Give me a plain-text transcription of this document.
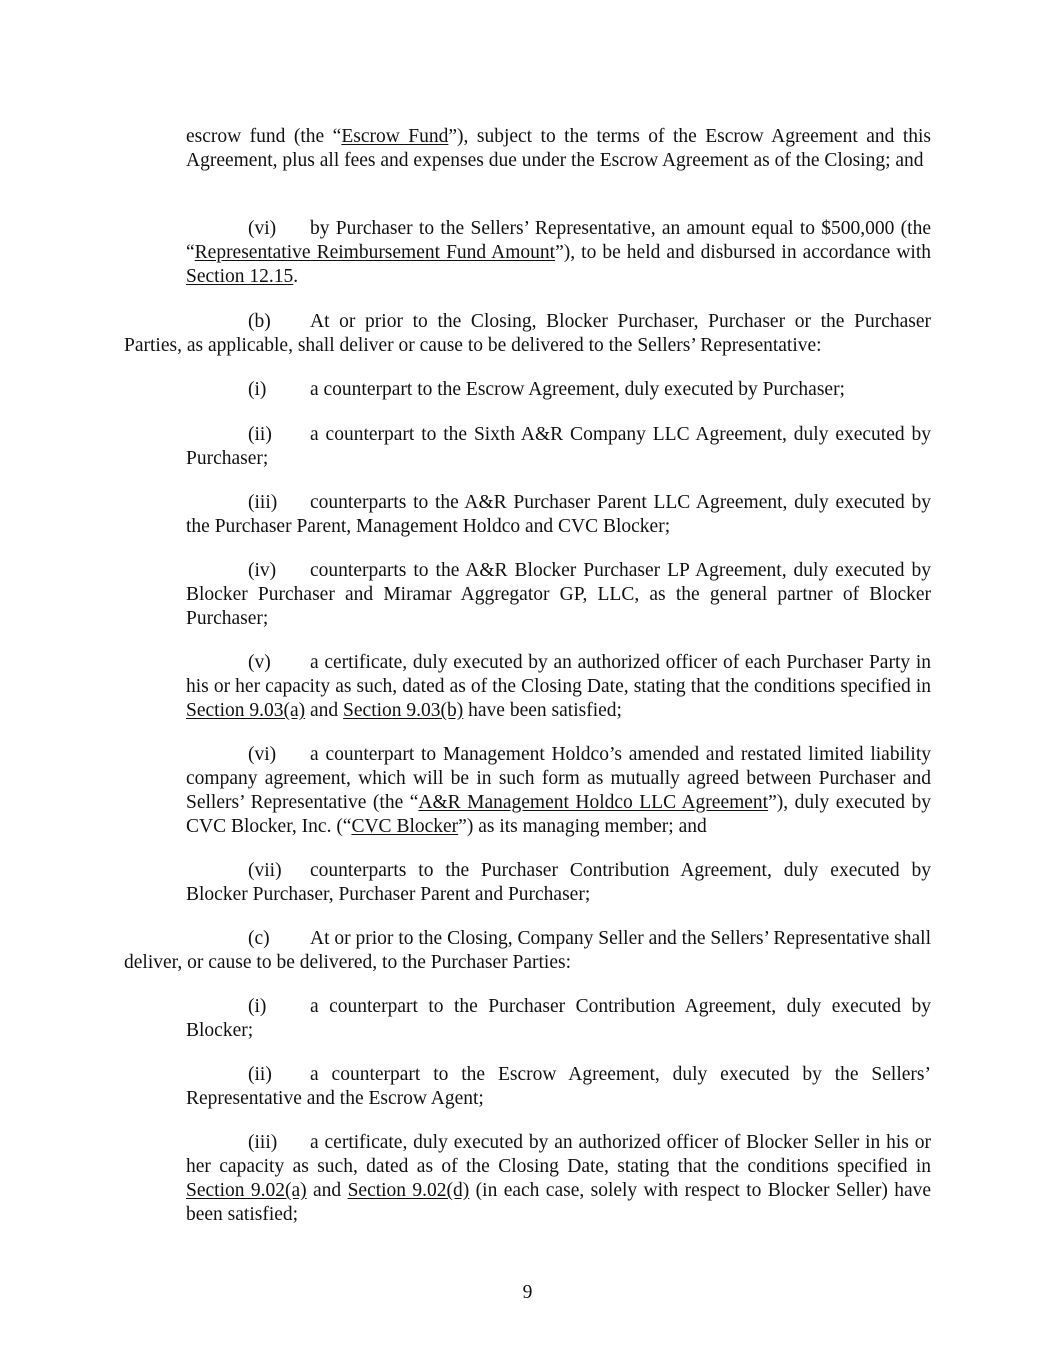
escrow fund (the “Escrow Fund”), subject to the terms of the Escrow Agreement and this Agreement, plus all fees and expenses due under the Escrow Agreement as of the Closing; and

(vi) by Purchaser to the Sellers’ Representative, an amount equal to $500,000 (the “Representative Reimbursement Fund Amount”), to be held and disbursed in accordance with Section 12.15.

(b) At or prior to the Closing, Blocker Purchaser, Purchaser or the Purchaser Parties, as applicable, shall deliver or cause to be delivered to the Sellers’ Representative:

(i) a counterpart to the Escrow Agreement, duly executed by Purchaser;

(ii) a counterpart to the Sixth A&R Company LLC Agreement, duly executed by Purchaser;

(iii) counterparts to the A&R Purchaser Parent LLC Agreement, duly executed by the Purchaser Parent, Management Holdco and CVC Blocker;

(iv) counterparts to the A&R Blocker Purchaser LP Agreement, duly executed by Blocker Purchaser and Miramar Aggregator GP, LLC, as the general partner of Blocker Purchaser;

(v) a certificate, duly executed by an authorized officer of each Purchaser Party in his or her capacity as such, dated as of the Closing Date, stating that the conditions specified in Section 9.03(a) and Section 9.03(b) have been satisfied;

(vi) a counterpart to Management Holdco’s amended and restated limited liability company agreement, which will be in such form as mutually agreed between Purchaser and Sellers’ Representative (the “A&R Management Holdco LLC Agreement”), duly executed by CVC Blocker, Inc. (“CVC Blocker”) as its managing member; and

(vii) counterparts to the Purchaser Contribution Agreement, duly executed by Blocker Purchaser, Purchaser Parent and Purchaser;

(c) At or prior to the Closing, Company Seller and the Sellers’ Representative shall deliver, or cause to be delivered, to the Purchaser Parties:

(i) a counterpart to the Purchaser Contribution Agreement, duly executed by Blocker;

(ii) a counterpart to the Escrow Agreement, duly executed by the Sellers’ Representative and the Escrow Agent;

(iii) a certificate, duly executed by an authorized officer of Blocker Seller in his or her capacity as such, dated as of the Closing Date, stating that the conditions specified in Section 9.02(a) and Section 9.02(d) (in each case, solely with respect to Blocker Seller) have been satisfied;

9
